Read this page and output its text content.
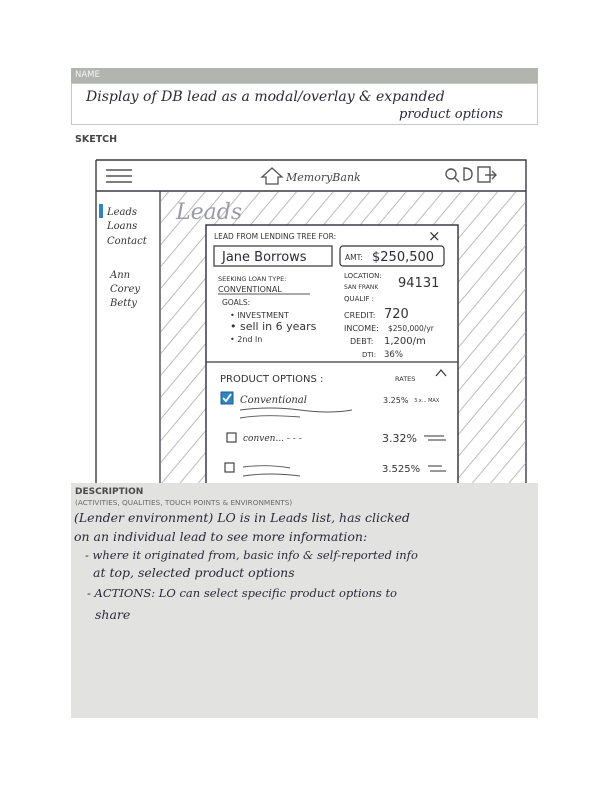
NAME
Display of DB lead as a modal/overlay & expanded
product options
SKETCH
MemoryBank
Leads
Loans
Contact
Ann
Corey
Betty
Leads
LEAD FROM LENDING TREE FOR:	×
Jane Borrows	AMT: $250,500
SEEKING LOAN TYPE:
CONVENTIONAL
LOCATION:
SAN FRANK 94131
GOALS:
• INVESTMENT
• sell in 6 years
• 2nd ln
QUALIF :
CREDIT: 720
INCOME: $250,000/yr
DEBT: 1,200/m
DTI: 36%
PRODUCT OPTIONS :	RATES
Conventional	3.25% 3.x... MAX
conven... - - -	3.32%
3.525%
DESCRIPTION
(ACTIVITIES, QUALITIES, TOUCH POINTS & ENVIRONMENTS)
(Lender environment) LO is in Leads list, has clicked
on an individual lead to see more information:
- where it originated from, basic info & self-reported info
at top, selected product options
- ACTIONS: LO can select specific product options to
share
